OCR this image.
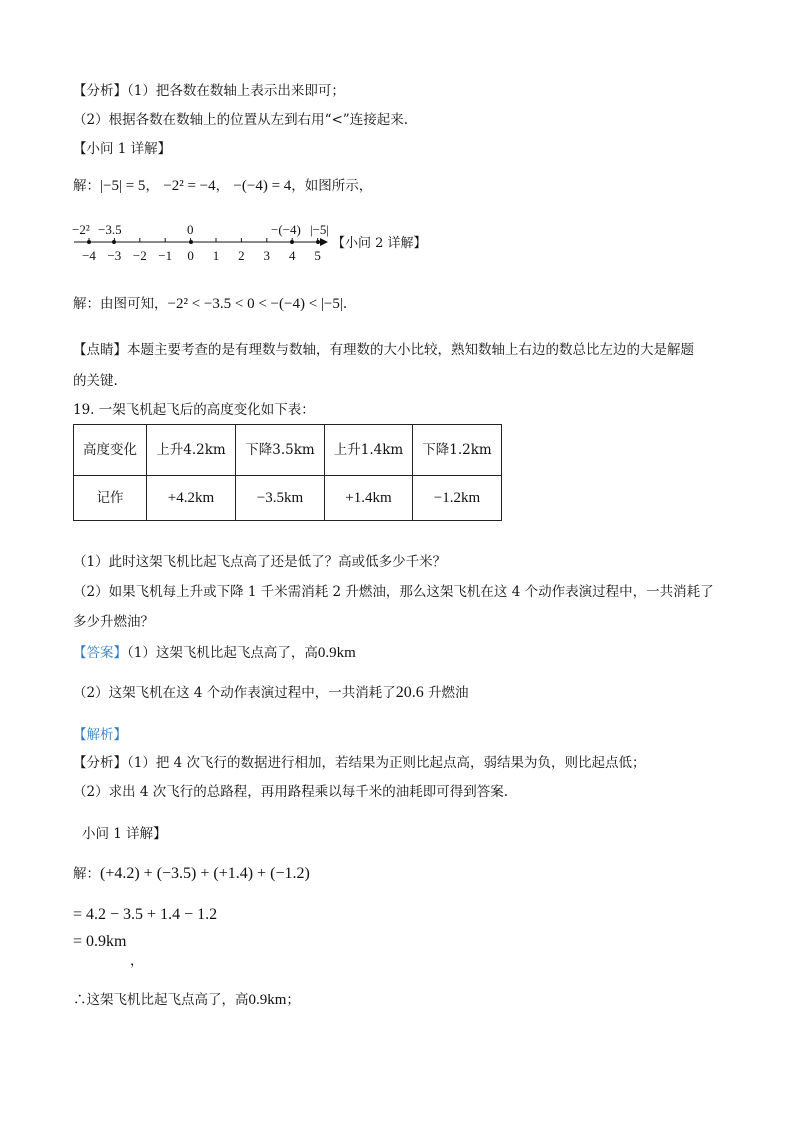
【分析】（1）把各数在数轴上表示出来即可；
（2）根据各数在数轴上的位置从左到右用“<”连接起来.
【小问 1 详解】
解：|−5| = 5， −2² = −4， −(−4) = 4，如图所示，
−4 −3 −2 −1 0 1 2 3 4 5
−2² −3.5	0	−(−4) |−5|
【小问 2 详解】
解：由图可知，−2² < −3.5 < 0 < −(−4) < |−5|.
【点睛】本题主要考查的是有理数与数轴，有理数的大小比较，熟知数轴上右边的数总比左边的大是解题
的关键.
19. 一架飞机起飞后的高度变化如下表：
高度变化	上升4.2km	下降3.5km	上升1.4km	下降1.2km
记作	+4.2km	−3.5km	+1.4km	−1.2km
（1）此时这架飞机比起飞点高了还是低了？高或低多少千米？
（2）如果飞机每上升或下降 1 千米需消耗 2 升燃油，那么这架飞机在这 4 个动作表演过程中，一共消耗了
多少升燃油？
【答案】（1）这架飞机比起飞点高了，高0.9km
（2）这架飞机在这 4 个动作表演过程中，一共消耗了20.6 升燃油
【解析】
【分析】（1）把 4 次飞行的数据进行相加，若结果为正则比起点高，弱结果为负，则比起点低；
（2）求出 4 次飞行的总路程，再用路程乘以每千米的油耗即可得到答案.
小问 1 详解】
解：(+4.2) + (−3.5) + (+1.4) + (−1.2)
= 4.2 − 3.5 + 1.4 − 1.2
= 0.9km
，
∴这架飞机比起飞点高了，高0.9km；
